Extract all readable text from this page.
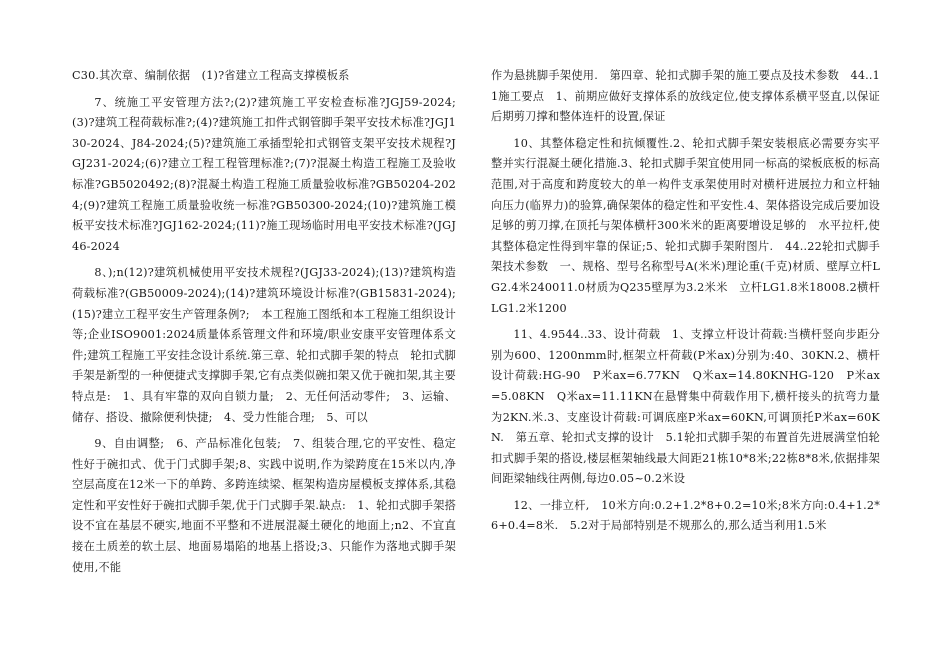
C30.其次章、编制依据　(1)?省建立工程高支撑模板系

7、统施工平安管理方法?;(2)?建筑施工平安检查标准?JGJ59-2024;(3)?建筑工程荷载标准?;(4)?建筑施工扣件式钢管脚手架平安技术标准?JGJ130-2024、J84-2024;(5)?建筑施工承插型轮扣式钢管支架平安技术规程?JGJ231-2024;(6)?建立工程工程管理标准?;(7)?混凝土构造工程施工及验收标准?GB5020492;(8)?混凝土构造工程施工质量验收标准?GB50204-2024;(9)?建筑工程施工质量验收统一标准?GB50300-2024;(10)?建筑施工模板平安技术标准?JGJ162-2024;(11)?施工现场临时用电平安技术标准?(JGJ46-2024

8、);n(12)?建筑机械使用平安技术规程?(JGJ33-2024);(13)?建筑构造荷载标准?(GB50009-2024);(14)?建筑环境设计标准?(GB15831-2024);(15)?建立工程平安生产管理条例?;　本工程施工图纸和本工程施工组织设计等;企业ISO9001:2024质量体系管理文件和环境/职业安康平安管理体系文件;建筑工程施工平安挂念设计系统.第三章、轮扣式脚手架的特点　轮扣式脚手架是新型的一种便捷式支撑脚手架,它有点类似碗扣架又优于碗扣架,其主要特点是:　1、具有牢靠的双向自锁力量;　2、无任何活动零件;　3、运输、储存、搭设、撤除便利快捷;　4、受力性能合理;　5、可以

9、自由调整;　6、产品标准化包装;　7、组装合理,它的平安性、稳定性好于碗扣式、优于门式脚手架;8、实践中说明,作为梁跨度在15米以内,净空层高度在12米一下的单跨、多跨连续梁、框架构造房屋模板支撑体系,其稳定性和平安性好于碗扣式脚手架,优于门式脚手架.缺点:　1、轮扣式脚手架搭设不宜在基层不硬实,地面不平整和不进展混凝土硬化的地面上;n2、不宜直接在土质差的软土层、地面易塌陷的地基上搭设;3、只能作为落地式脚手架使用,不能

作为悬挑脚手架使用.　第四章、轮扣式脚手架的施工要点及技术参数　44..11施工要点　1、前期应做好支撑体系的放线定位,使支撑体系横平竖直,以保证后期剪刀撑和整体连杆的设置,保证

10、其整体稳定性和抗倾覆性.2、轮扣式脚手架安装根底必需要夯实平整并实行混凝土硬化措施.3、轮扣式脚手架宜使用同一标高的梁板底板的标高范围,对于高度和跨度较大的单一构件支承架使用时对横杆进展拉力和立杆轴向压力(临界力)的验算,确保架体的稳定性和平安性.4、架体搭设完成后要加设足够的剪刀撑,在顶托与架体横杆300米米的距离要增设足够的　水平拉杆,使其整体稳定性得到牢靠的保证;5、轮扣式脚手架附图片.　44..22轮扣式脚手架技术参数　一、规格、型号名称型号A(米米)理论重(千克)材质、壁厚立杆LG2.4米240011.0材质为Q235壁厚为3.2米米　立杆LG1.8米18008.2横杆LG1.2米1200

11、4.9544..33、设计荷载　1、支撑立杆设计荷载:当横杆竖向步距分别为600、1200nmm时,框架立杆荷载(P米ax)分别为:40、30KN.2、横杆设计荷载:HG-90　P米ax=6.77KN　Q米ax=14.80KNHG-120　P米ax=5.08KN　Q米ax=11.11KN在悬臂集中荷载作用下,横杆接头的抗弯力量为2KN.米.3、支座设计荷载:可调底座P米ax=60KN,可调顶托P米ax=60KN.　第五章、轮扣式支撑的设计　5.1轮扣式脚手架的布置首先进展满堂怕轮扣式脚手架的搭设,楼层框架轴线最大间距21栋10*8米;22栋8*8米,依据排架间距梁轴线往两侧,每边0.05~0.2米设

12、一排立杆,　10米方向:0.2+1.2*8+0.2=10米;8米方向:0.4+1.2*6+0.4=8米.　5.2对于局部特别是不规那么的,那么适当利用1.5米
